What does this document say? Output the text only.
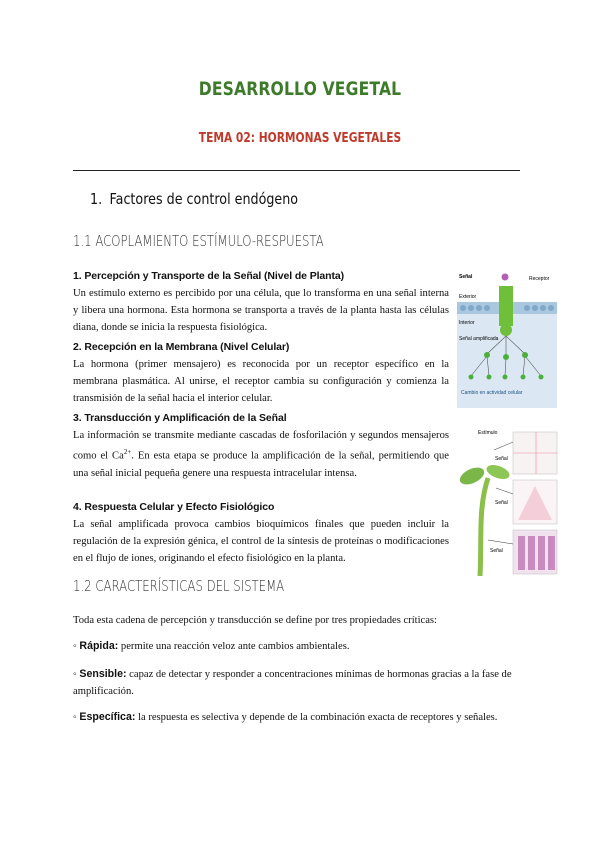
DESARROLLO VEGETAL
TEMA 02: HORMONAS VEGETALES
1. Factores de control endógeno
1.1 ACOPLAMIENTO ESTÍMULO-RESPUESTA
1. Percepción y Transporte de la Señal (Nivel de Planta)

Un estímulo externo es percibido por una célula, que lo transforma en una señal interna y libera una hormona. Esta hormona se transporta a través de la planta hasta las células diana, donde se inicia la respuesta fisiológica.

2. Recepción en la Membrana (Nivel Celular)

La hormona (primer mensajero) es reconocida por un receptor específico en la membrana plasmática. Al unirse, el receptor cambia su configuración y comienza la transmisión de la señal hacia el interior celular.

3. Transducción y Amplificación de la Señal

La información se transmite mediante cascadas de fosforilación y segundos mensajeros como el $Ca^{2+}$. En esta etapa se produce la amplificación de la señal, permitiendo que una señal inicial pequeña genere una respuesta intracelular intensa.

4. Respuesta Celular y Efecto Fisiológico

La señal amplificada provoca cambios bioquímicos finales que pueden incluir la regulación de la expresión génica, el control de la síntesis de proteínas o modificaciones en el flujo de iones, originando el efecto fisiológico en la planta.

Señal	Receptor
Exterior
Interior
Señal amplificada
Cambio en actividad celular
Estímulo
Señal
Señal
Señal
1.2 CARACTERÍSTICAS DEL SISTEMA
Toda esta cadena de percepción y transducción se define por tres propiedades críticas:
◦ Rápida: permite una reacción veloz ante cambios ambientales.
◦ Sensible: capaz de detectar y responder a concentraciones mínimas de hormonas gracias a la fase de amplificación.
◦ Específica: la respuesta es selectiva y depende de la combinación exacta de receptores y señales.
